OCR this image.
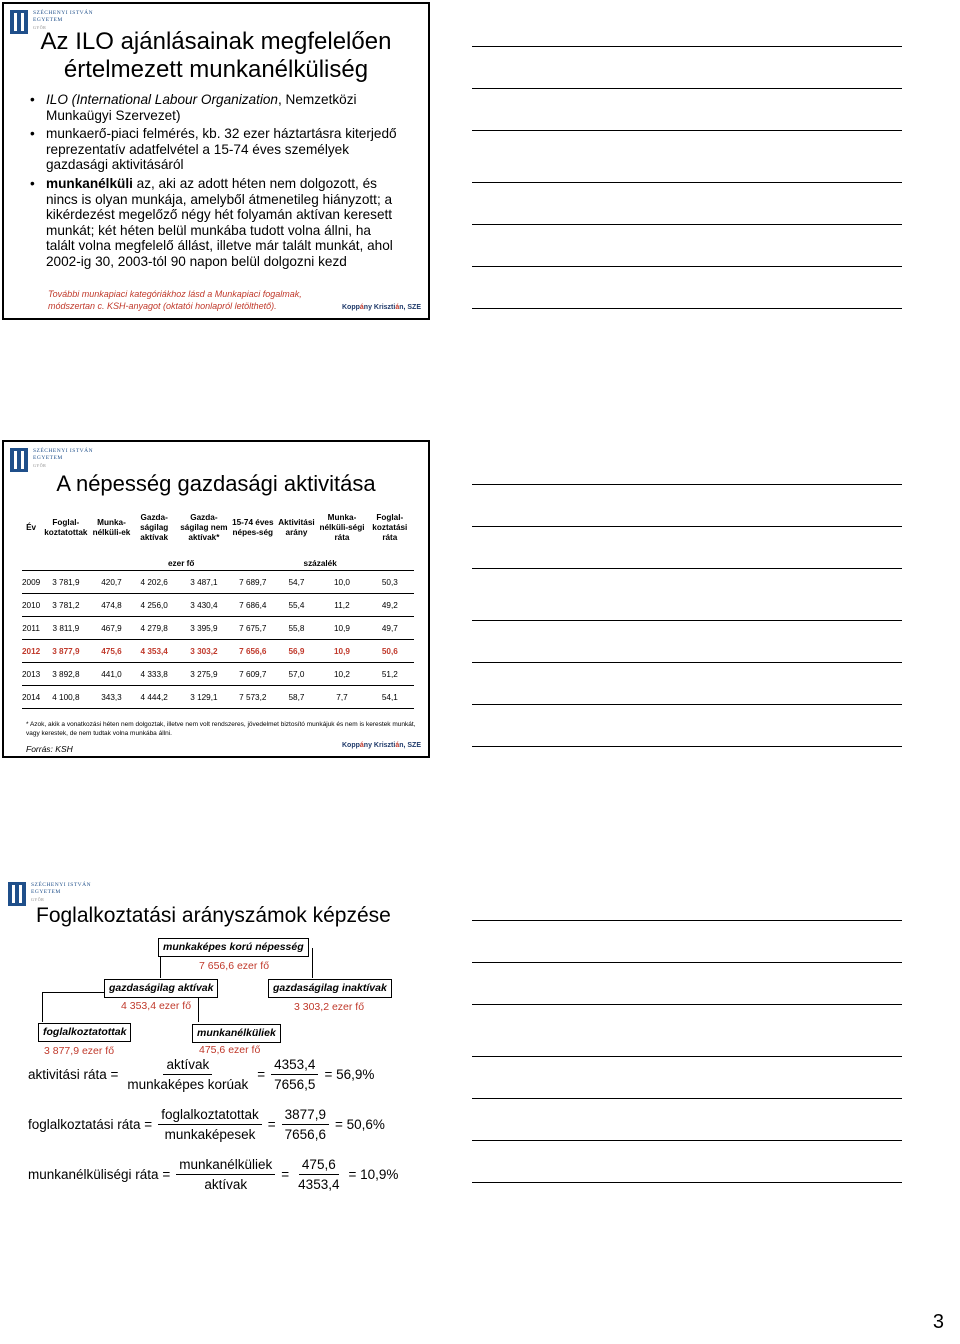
SZÉCHENYI ISTVÁN
EGYETEM
GYŐR
Az ILO ajánlásainak megfelelően értelmezett munkanélküliség
• ILO (International Labour Organization, Nemzetközi Munkaügyi Szervezet)
• munkaerő-piaci felmérés, kb. 32 ezer háztartásra kiterjedő reprezentatív adatfelvétel a 15-74 éves személyek gazdasági aktivitásáról
• munkanélküli az, aki az adott héten nem dolgozott, és nincs is olyan munkája, amelyből átmenetileg hiányzott; a kikérdezést megelőző négy hét folyamán aktívan keresett munkát; két héten belül munkába tudott volna állni, ha talált volna megfelelő állást, illetve már talált munkát, ahol 2002-ig 30, 2003-tól 90 napon belül dolgozni kezd
További munkapiaci kategóriákhoz lásd a Munkapiaci fogalmak, módszertan c. KSH-anyagot (oktatói honlapról letölthető).	Koppány Krisztián, SZE
SZÉCHENYI ISTVÁN
EGYETEM
GYŐR
A népesség gazdasági aktivitása
Év	Foglal-koztatottak	Munka-nélküli-ek	Gazda-ságilag aktívak	Gazda-ságilag nem aktívak*	15-74 éves népes-ség	Aktivitási arány	Munka-nélküli-ségi ráta	Foglal-koztatási ráta
			ezer fő			százalék		
2009	3 781,9	420,7	4 202,6	3 487,1	7 689,7	54,7	10,0	50,3
2010	3 781,2	474,8	4 256,0	3 430,4	7 686,4	55,4	11,2	49,2
2011	3 811,9	467,9	4 279,8	3 395,9	7 675,7	55,8	10,9	49,7
2012	3 877,9	475,6	4 353,4	3 303,2	7 656,6	56,9	10,9	50,6
2013	3 892,8	441,0	4 333,8	3 275,9	7 609,7	57,0	10,2	51,2
2014	4 100,8	343,3	4 444,2	3 129,1	7 573,2	58,7	7,7	54,1
* Azok, akik a vonatkozási héten nem dolgoztak, illetve nem volt rendszeres, jövedelmet biztosító munkájuk és nem is kerestek munkát, vagy kerestek, de nem tudtak volna munkába állni.
Forrás: KSH	Koppány Krisztián, SZE
SZÉCHENYI ISTVÁN
EGYETEM
GYŐR
Foglalkoztatási arányszámok képzése
munkaképes korú népesség
7 656,6 ezer fő
gazdaságilag aktívak
4 353,4 ezer fő
gazdaságilag inaktívak
3 303,2 ezer fő
foglalkoztatottak
3 877,9 ezer fő
munkanélküliek
475,6 ezer fő
aktivitási ráta = $\frac{\text{aktívak}}{\text{munkaképes korúak}} = \frac{4353,4}{7656,5}$ =
56,9%
foglalkoztatási ráta = $\frac{\text{foglalkoztatottak}}{\text{munkaképesek}} = \frac{3877,9}{7656,6}$ =
50,6%
munkanélküliségi ráta = $\frac{\text{munkanélküliek}}{\text{aktívak}} = \frac{475,6}{4353,4}$ =
10,9%
3
